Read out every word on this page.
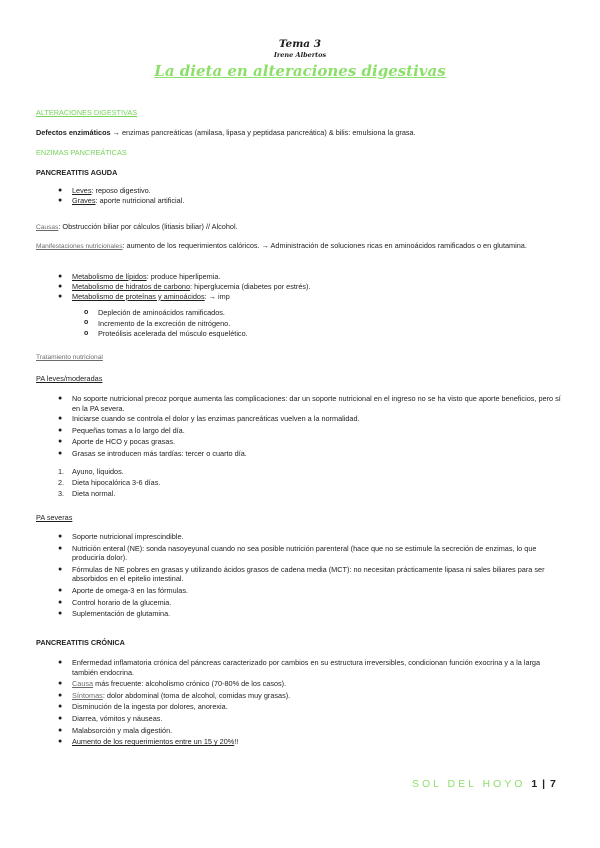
Tema 3
Irene Albertos
La dieta en alteraciones digestivas
ALTERACIONES DIGESTIVAS
Defectos enzimáticos → enzimas pancreáticas (amilasa, lipasa y peptidasa pancreática) & bilis: emulsiona la grasa.
ENZIMAS PANCREÁTICAS
PANCREATITIS AGUDA
● Leves: reposo digestivo.
● Graves: aporte nutricional artificial.
Causas: Obstrucción biliar por cálculos (litiasis biliar) // Alcohol.
Manifestaciones nutricionales: aumento de los requerimientos calóricos. → Administración de soluciones ricas en aminoácidos ramificados o en glutamina.
● Metabolismo de lípidos: produce hiperlipemia.
● Metabolismo de hidratos de carbono: hiperglucemia (diabetes por estrés).
● Metabolismo de proteínas y aminoácidos: → imp
o Depleción de aminoácidos ramificados.
o Incremento de la excreción de nitrógeno.
o Proteólisis acelerada del músculo esquelético.
Tratamiento nutricional
PA leves/moderadas
● No soporte nutricional precoz porque aumenta las complicaciones: dar un soporte nutricional en el ingreso no se ha visto que aporte beneficios, pero sí en la PA severa.
● Iniciarse cuando se controla el dolor y las enzimas pancreáticas vuelven a la normalidad.
● Pequeñas tomas a lo largo del día.
● Aporte de HCO y pocas grasas.
● Grasas se introducen más tardías: tercer o cuarto día.
1. Ayuno, líquidos.
2. Dieta hipocalórica 3-6 días.
3. Dieta normal.
PA severas
● Soporte nutricional imprescindible.
● Nutrición enteral (NE): sonda nasoyeyunal cuando no sea posible nutrición parenteral (hace que no se estimule la secreción de enzimas, lo que produciría dolor).
● Fórmulas de NE pobres en grasas y utilizando ácidos grasos de cadena media (MCT): no necesitan prácticamente lipasa ni sales biliares para ser absorbidos en el epitelio intestinal.
● Aporte de omega-3 en las fórmulas.
● Control horario de la glucemia.
● Suplementación de glutamina.
PANCREATITIS CRÓNICA
● Enfermedad inflamatoria crónica del páncreas caracterizado por cambios en su estructura irreversibles, condicionan función exocrina y a la larga también endocrina.
● Causa más frecuente: alcoholismo crónico (70-80% de los casos).
● Síntomas: dolor abdominal (toma de alcohol, comidas muy grasas).
● Disminución de la ingesta por dolores, anorexia.
● Diarrea, vómitos y náuseas.
● Malabsorción y mala digestión.
● Aumento de los requerimientos entre un 15 y 20%!!
SOL DEL HOYO 1 | 7
